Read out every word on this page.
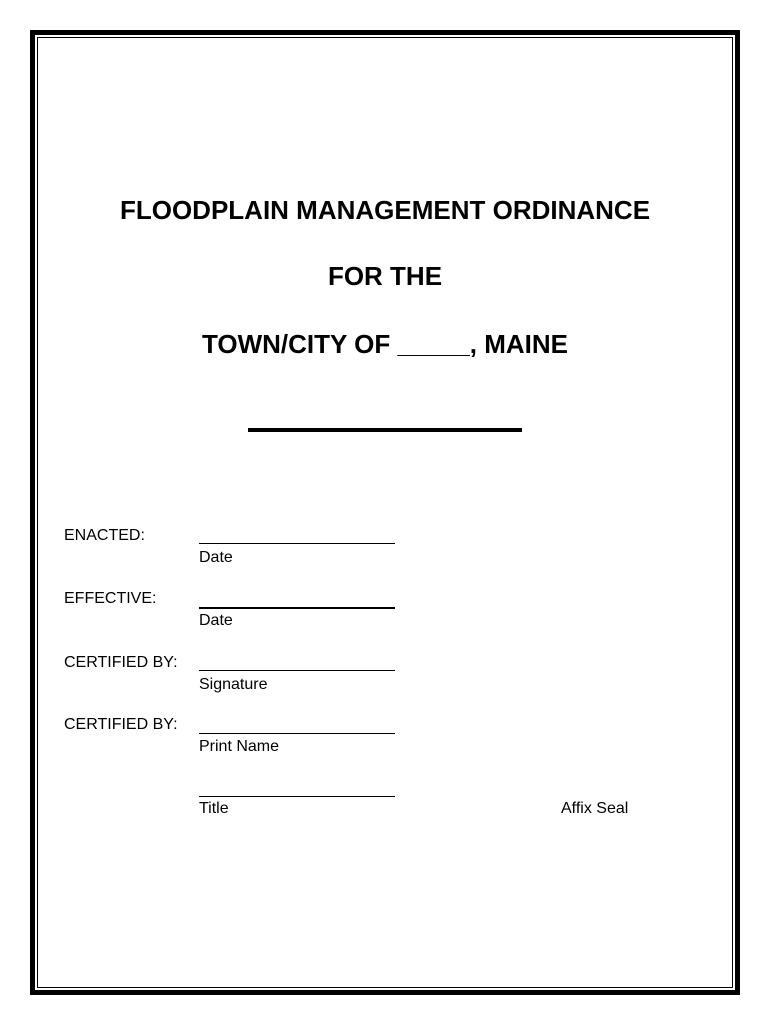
FLOODPLAIN MANAGEMENT ORDINANCE
FOR THE
TOWN/CITY OF _____, MAINE
ENACTED:
Date
EFFECTIVE:
Date
CERTIFIED BY:
Signature
CERTIFIED BY:
Print Name
Title	Affix Seal
